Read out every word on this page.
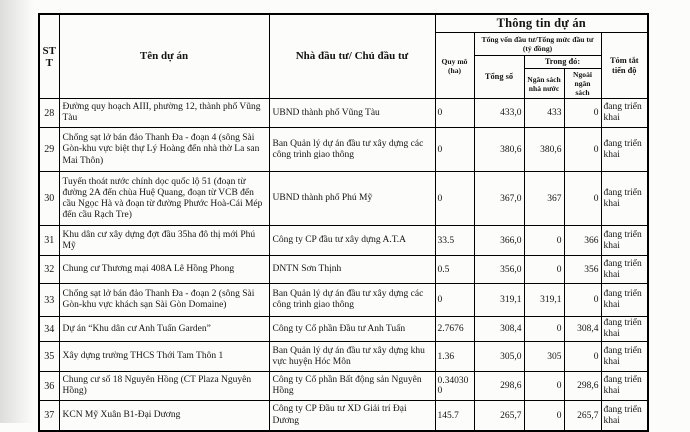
STT	Tên dự án	Nhà đầu tư/ Chủ đầu tư	Thông tin dự án				
			Quy mô (ha)	Tổng vốn đầu tư/Tổng mức đầu tư (tỷ đồng)			Tóm tắt tiến độ
				Tổng số	Trong đó:		
					Ngân sách nhà nước	Ngoài ngân sách	
28	Đường quy hoạch AIII, phường 12, thành phố Vũng Tàu	UBND thành phố Vũng Tàu	0	433,0	433	0	đang triển khai
29	Chống sạt lở bán đảo Thanh Đa - đoạn 4 (sông Sài Gòn-khu vực biệt thự Lý Hoàng đến nhà thờ La san Mai Thôn)	Ban Quản lý dự án đầu tư xây dựng các công trình giao thông	0	380,6	380,6	0	đang triển khai
30	Tuyến thoát nước chính dọc quốc lộ 51 (đoạn từ đường 2A đến chùa Huệ Quang, đoạn từ VCB đến cầu Ngọc Hà và đoạn từ đường Phước Hoà-Cái Mép đến cầu Rạch Tre)	UBND thành phố Phú Mỹ	0	367,0	367	0	đang triển khai
31	Khu dân cư xây dựng đợt đầu 35ha đô thị mới Phú Mỹ	Công ty CP đầu tư xây dựng A.T.A	33.5	366,0	0	366	đang triển khai
32	Chung cư Thương mại 408A Lê Hồng Phong	DNTN Sơn Thịnh	0.5	356,0	0	356	đang triển khai
33	Chống sạt lở bán đảo Thanh Đa - đoạn 2 (sông Sài Gòn-khu vực khách sạn Sài Gòn Domaine)	Ban Quản lý dự án đầu tư xây dựng các công trình giao thông	0	319,1	319,1	0	đang triển khai
34	Dự án “Khu dân cư Anh Tuấn Garden”	Công ty Cổ phần Đầu tư Anh Tuấn	2.7676	308,4	0	308,4	đang triển khai
35	Xây dựng trường THCS Thới Tam Thôn 1	Ban Quản lý dự án đầu tư xây dựng khu vực huyện Hóc Môn	1.36	305,0	305	0	đang triển khai
36	Chung cư số 18 Nguyên Hồng (CT Plaza Nguyên Hồng)	Công ty Cổ phần Bất động sản Nguyên Hồng	0.340300	298,6	0	298,6	đang triển khai
37	KCN Mỹ Xuân B1-Đại Dương	Công ty CP Đầu tư XD Giải trí Đại Dương	145.7	265,7	0	265,7	đang triển khai
